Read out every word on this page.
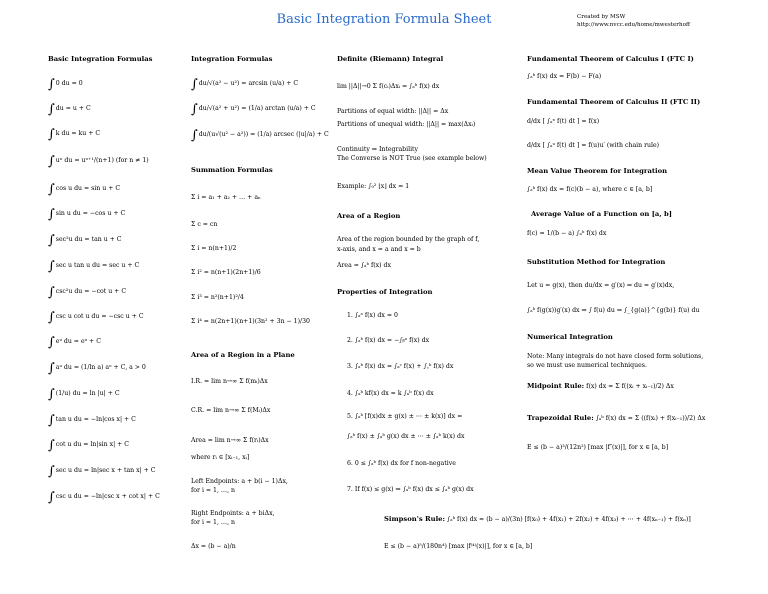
Basic Integration Formula Sheet	Created by MSW
http://www.nvcc.edu/home/mwesterhoff
Basic Integration Formulas
∫0 du = 0
∫du = u + C
∫k du = ku + C
∫uⁿ du = uⁿ⁺¹/(n+1) (for n ≠ 1)
∫cos u du = sin u + C
∫sin u du = −cos u + C
∫sec²u du = tan u + C
∫sec u tan u du = sec u + C
∫csc²u du = −cot u + C
∫csc u cot u du = −csc u + C
∫eᵘ du = eᵘ + C
∫aᵘ du = (1/ln a) aᵘ + C, a > 0
∫(1/u) du = ln |u| + C
∫tan u du = −ln|cos x| + C
∫cot u du = ln|sin x| + C
∫sec u du = ln|sec x + tan x| + C
∫csc u du = −ln|csc x + cot x| + C
Integration Formulas
∫du/√(a² − u²) = arcsin (u/a) + C
∫du/√(a² + u²) = (1/a) arctan (u/a) + C
∫du/(u√(u² − a²)) = (1/a) arcsec (|u|/a) + C
Summation Formulas
Σ i = a₁ + a₂ + … + aₙ
Σ c = cn
Σ i = n(n+1)/2
Σ i² = n(n+1)(2n+1)/6
Σ i³ = n²(n+1)²/4
Σ i⁴ = n(2n+1)(n+1)(3n² + 3n − 1)/30
Area of a Region in a Plane
I.R. = lim n→∞ Σ f(mᵢ)Δx
C.R. = lim n→∞ Σ f(Mᵢ)Δx
Area = lim n→∞ Σ f(rᵢ)Δx
where rᵢ ∈ [xᵢ₋₁, xᵢ]
Left Endpoints: a + b(i − 1)Δx,
for i = 1, …, n
Right Endpoints: a + biΔx,
for i = 1, …, n
Δx = (b − a)/n
Definite (Riemann) Integral
lim ||Δ||→0 Σ f(cᵢ)Δxᵢ = ∫ₐᵇ f(x) dx
Partitions of equal width: ||Δ|| = Δx
Partitions of unequal width: ||Δ|| = max(Δxᵢ)
Continuity ⇒ Integrability
The Converse is NOT True (see example below)
Example: ∫₀² ⌊x⌋ dx = 1
Area of a Region
Area of the region bounded by the graph of f,
x-axis, and x = a and x = b
Area = ∫ₐᵇ f(x) dx
Properties of Integration
1. ∫ₐᵃ f(x) dx = 0
2. ∫ₐᵇ f(x) dx = −∫ᵦᵃ f(x) dx
3. ∫ₐᵇ f(x) dx = ∫ₐᶜ f(x) + ∫꜀ᵇ f(x) dx
4. ∫ₐᵇ kf(x) dx = k ∫ₐᵇ f(x) dx
5. ∫ₐᵇ [f(x)dx ± g(x) ± ⋯ ± k(x)] dx =
∫ₐᵇ f(x) ± ∫ₐᵇ g(x) dx ± ⋯ ± ∫ₐᵇ k(x) dx
6. 0 ≤ ∫ₐᵇ f(x) dx for f non-negative
7. If f(x) ≤ g(x) ⇒ ∫ₐᵇ f(x) dx ≤ ∫ₐᵇ g(x) dx
Fundamental Theorem of Calculus I (FTC I)
∫ₐᵇ f(x) dx = F(b) − F(a)
Fundamental Theorem of Calculus II (FTC II)
d/dx [ ∫ₐˣ f(t) dt ] = f(x)
d/dx [ ∫ₐᵘ f(t) dt ] = f(u)u′ (with chain rule)
Mean Value Theorem for Integration
∫ₐᵇ f(x) dx = f(c)(b − a), where c ∈ [a, b]
Average Value of a Function on [a, b]
f(c) = 1/(b − a) ∫ₐᵇ f(x) dx
Substitution Method for Integration
Let u = g(x), then du/dx = g′(x) ⇒ du = g′(x)dx,
∫ₐᵇ f(g(x))g′(x) dx ⇒ ∫ f(u) du ⇒ ∫_{g(a)}^{g(b)} f(u) du
Numerical Integration
Note: Many integrals do not have closed form solutions,
so we must use numerical techniques.
Midpoint Rule: f(x) dx ≈ Σ f((xᵢ + xᵢ₋₁)/2) Δx
Trapezoidal Rule: ∫ₐᵇ f(x) dx ≈ Σ ((f(xᵢ) + f(xᵢ₋₁))/2) Δx
E ≤ (b − a)³/(12n²) [max |f″(x)|], for x ∈ [a, b]
Simpson's Rule: ∫ₐᵇ f(x) dx ≈ (b − a)/(3n) [f(x₀) + 4f(x₁) + 2f(x₂) + 4f(x₃) + ⋯ + 4f(xₙ₋₁) + f(xₙ)]
E ≤ (b − a)⁵/(180n⁴) [max |f⁽⁴⁾(x)|], for x ∈ [a, b]
